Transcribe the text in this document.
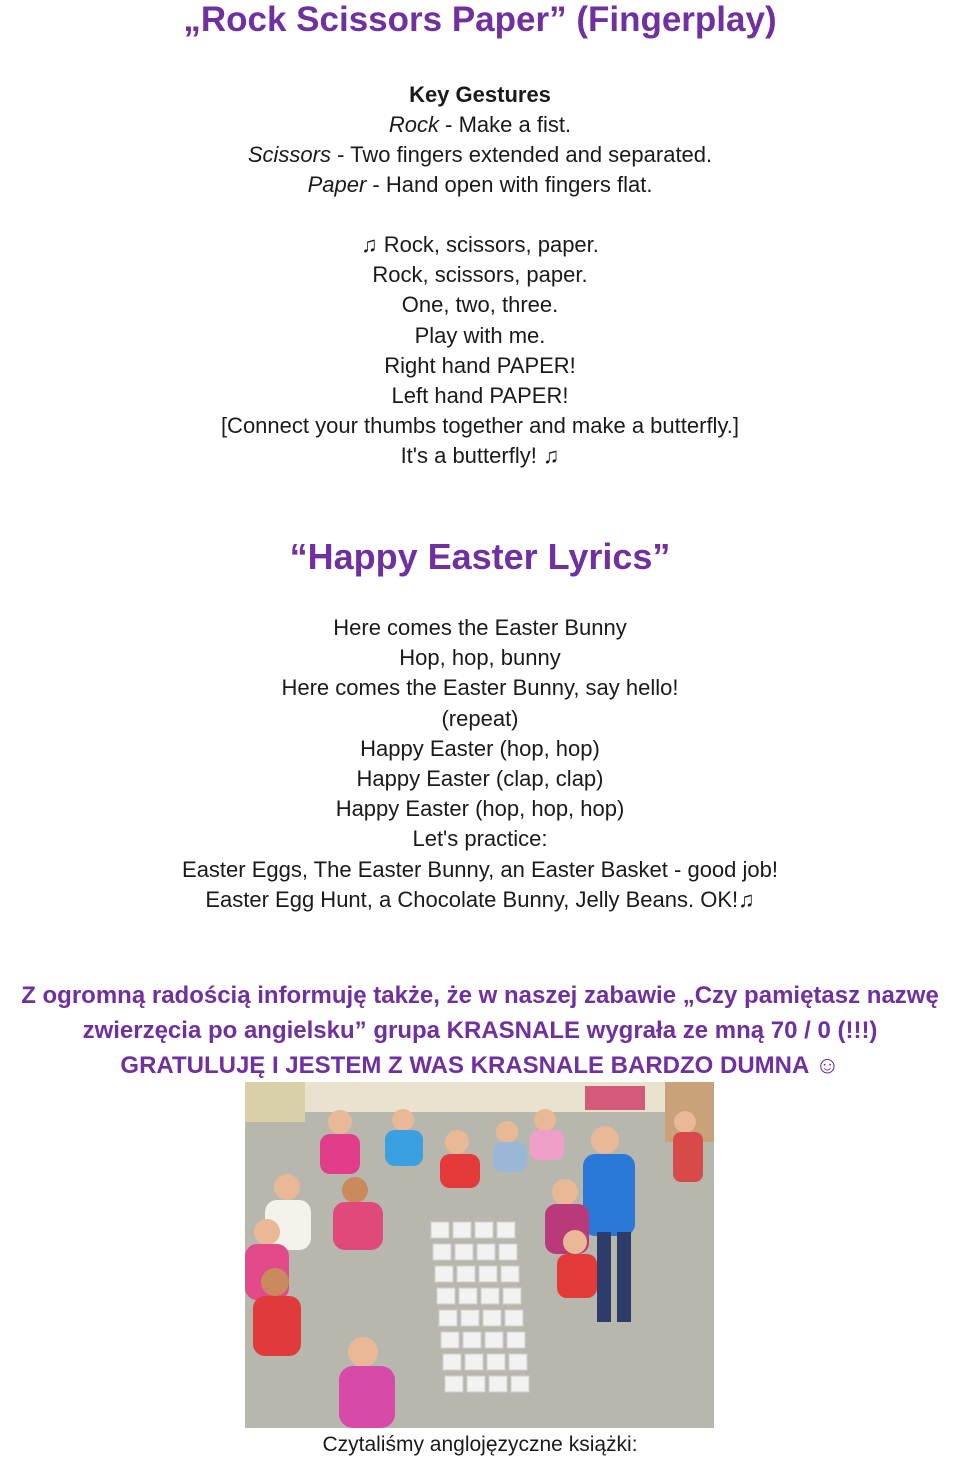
„Rock Scissors Paper” (Fingerplay)
Key Gestures
Rock - Make a fist.
Scissors - Two fingers extended and separated.
Paper - Hand open with fingers flat.
♫ Rock, scissors, paper.
Rock, scissors, paper.
One, two, three.
Play with me.
Right hand PAPER!
Left hand PAPER!
[Connect your thumbs together and make a butterfly.]
It's a butterfly! ♫
“Happy Easter Lyrics”
Here comes the Easter Bunny
Hop, hop, bunny
Here comes the Easter Bunny, say hello!
(repeat)
Happy Easter (hop, hop)
Happy Easter (clap, clap)
Happy Easter (hop, hop, hop)
Let's practice:
Easter Eggs, The Easter Bunny, an Easter Basket - good job!
Easter Egg Hunt, a Chocolate Bunny, Jelly Beans. OK!♫
Z ogromną radością informuję także, że w naszej zabawie „Czy pamiętasz nazwę
zwierzęcia po angielsku” grupa KRASNALE wygrała ze mną 70 / 0 (!!!)
GRATULUJĘ I JESTEM Z WAS KRASNALE BARDZO DUMNA ☺
Czytaliśmy anglojęzyczne książki:
